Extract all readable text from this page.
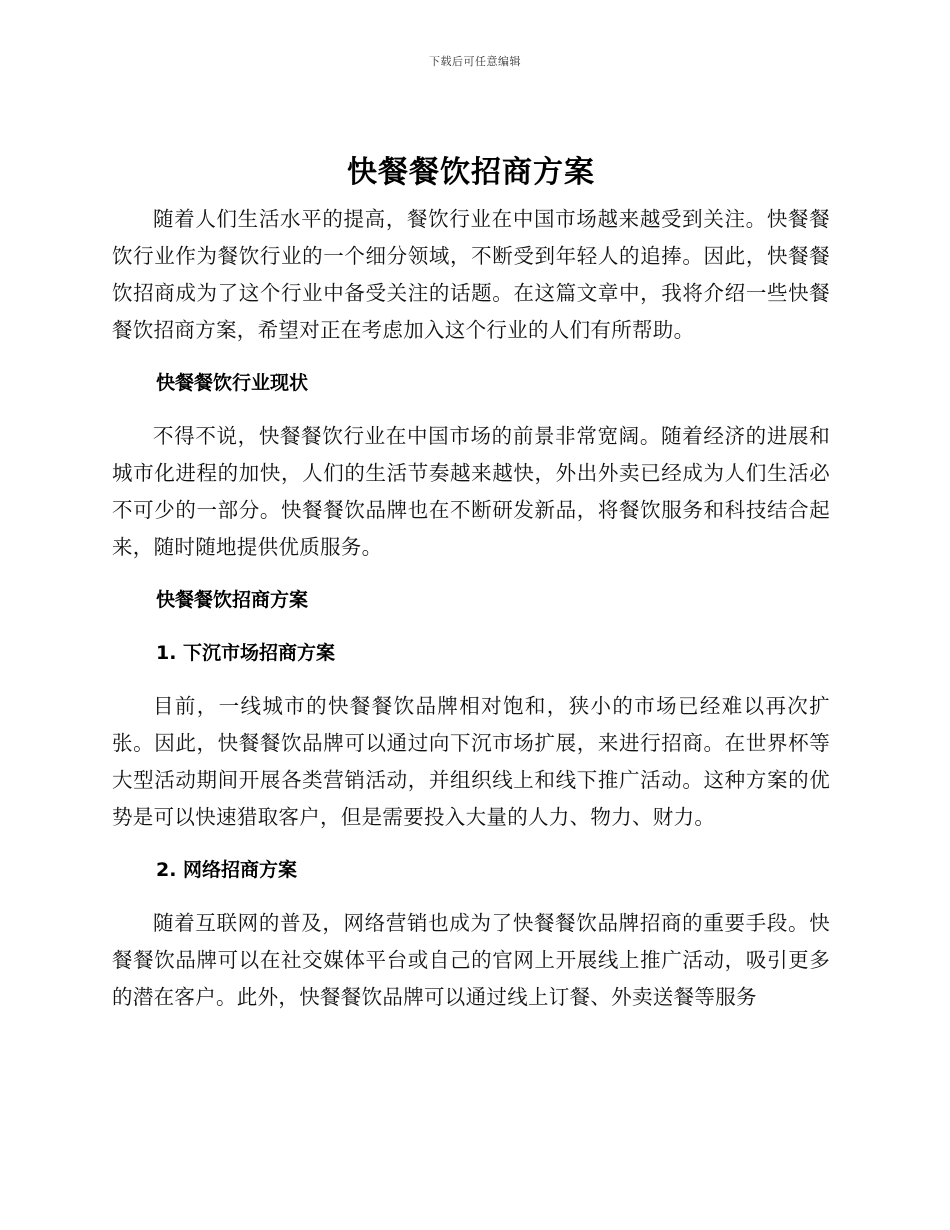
下载后可任意编辑
快餐餐饮招商方案

随着人们生活水平的提高，餐饮行业在中国市场越来越受到关注。快餐餐饮行业作为餐饮行业的一个细分领域，不断受到年轻人的追捧。因此，快餐餐饮招商成为了这个行业中备受关注的话题。在这篇文章中，我将介绍一些快餐餐饮招商方案，希望对正在考虑加入这个行业的人们有所帮助。

快餐餐饮行业现状

不得不说，快餐餐饮行业在中国市场的前景非常宽阔。随着经济的进展和城市化进程的加快，人们的生活节奏越来越快，外出外卖已经成为人们生活必不可少的一部分。快餐餐饮品牌也在不断研发新品，将餐饮服务和科技结合起来，随时随地提供优质服务。

快餐餐饮招商方案
1. 下沉市场招商方案

目前，一线城市的快餐餐饮品牌相对饱和，狭小的市场已经难以再次扩张。因此，快餐餐饮品牌可以通过向下沉市场扩展，来进行招商。在世界杯等大型活动期间开展各类营销活动，并组织线上和线下推广活动。这种方案的优势是可以快速猎取客户，但是需要投入大量的人力、物力、财力。

2. 网络招商方案

随着互联网的普及，网络营销也成为了快餐餐饮品牌招商的重要手段。快餐餐饮品牌可以在社交媒体平台或自己的官网上开展线上推广活动，吸引更多的潜在客户。此外，快餐餐饮品牌可以通过线上订餐、外卖送餐等服务
